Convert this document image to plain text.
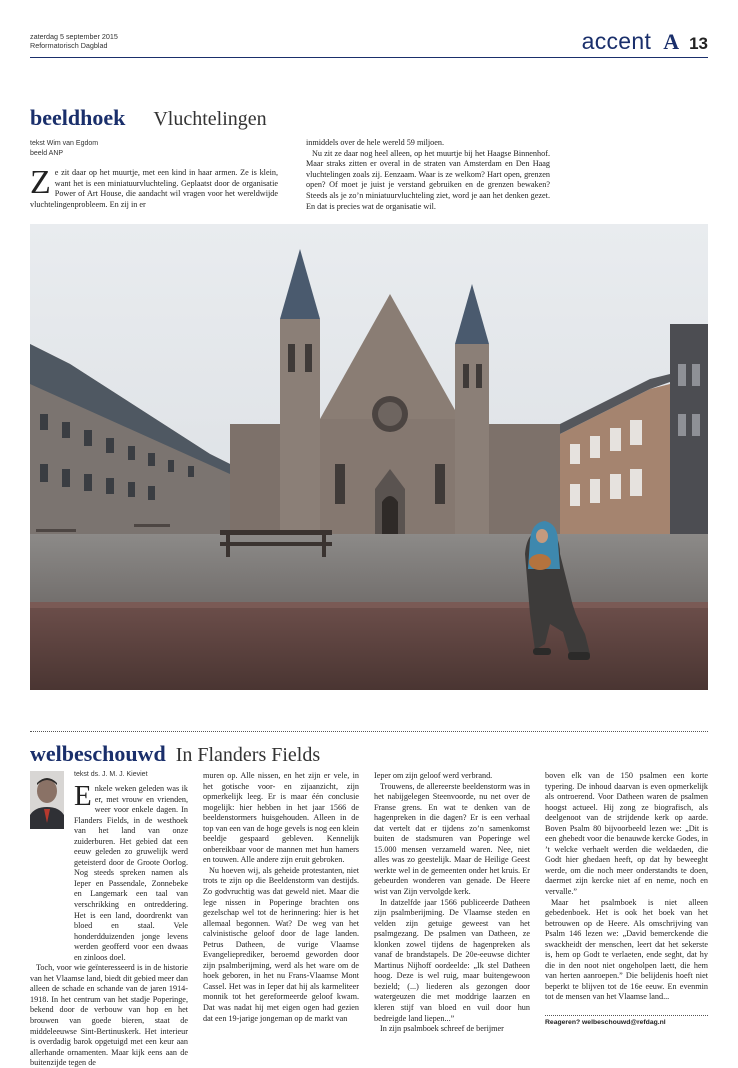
zaterdag 5 september 2015
Reformatorisch Dagblad	accent A 13
beeldhoek Vluchtelingen
tekst Wim van Egdom
beeld ANP
Z e zit daar op het muurtje, met een kind in haar armen. Ze is klein, want het is een miniatuurvluchteling. Geplaatst door de organisatie Power of Art House, die aandacht wil vragen voor het wereldwijde vluchtelingenprobleem. En zij in er

inmiddels over de hele wereld 59 miljoen.

Nu zit ze daar nog heel alleen, op het muurtje bij het Haagse Binnenhof. Maar straks zitten er overal in de straten van Amsterdam en Den Haag vluchtelingen zoals zij. Eenzaam. Waar is ze welkom? Hart open, grenzen open? Of moet je juist je verstand gebruiken en de grenzen bewaken? Steeds als je zo’n miniatuurvluchteling ziet, word je aan het denken gezet. En dat is precies wat de organisatie wil.

welbeschouwd In Flanders Fields
tekst ds. J. M. J. Kieviet

Enkele weken geleden was ik er, met vrouw en vrienden, weer voor enkele dagen. In Flanders Fields, in de westhoek van het land van onze zuiderburen. Het gebied dat een eeuw geleden zo gruwelijk werd geteisterd door de Groote Oorlog. Nog steeds spreken namen als Ieper en Passendale, Zonnebeke en Langemark een taal van verschrikking en ontreddering. Het is een land, doordrenkt van bloed en staal. Vele honderdduizenden jonge levens werden geofferd voor een dwaas en zinloos doel.

Toch, voor wie geïnteresseerd is in de historie van het Vlaamse land, biedt dit gebied meer dan alleen de schade en schande van de jaren 1914-1918. In het centrum van het stadje Poperinge, bekend door de verbouw van hop en het brouwen van goede bieren, staat de middeleeuwse Sint-Bertinuskerk. Het interieur is overdadig barok opgetuigd met een keur aan allerhande ornamenten. Maar kijk eens aan de buitenzijde tegen de

muren op. Alle nissen, en het zijn er vele, in het gotische voor- en zijaanzicht, zijn opmerkelijk leeg. Er is maar één conclusie mogelijk: hier hebben in het jaar 1566 de beeldenstormers huisgehouden. Alleen in de top van een van de hoge gevels is nog een klein beeldje gespaard gebleven. Kennelijk onbereikbaar voor de mannen met hun hamers en touwen. Alle andere zijn eruit gebroken.

Nu hoeven wij, als geheide protestanten, niet trots te zijn op die Beeldenstorm van destijds. Zo godvruchtig was dat geweld niet. Maar die lege nissen in Poperinge brachten ons gezelschap wel tot de herinnering: hier is het allemaal begonnen. Wat? De weg van het calvinistische geloof door de lage landen. Petrus Datheen, de vurige Vlaamse Evangelieprediker, beroemd geworden door zijn psalmberijming, werd als het ware om de hoek geboren, in het nu Frans-Vlaamse Mont Cassel. Het was in Ieper dat hij als karmeliteer monnik tot het gereformeerde geloof kwam. Dat was nadat hij met eigen ogen had gezien dat een 19-jarige jongeman op de markt van

Ieper om zijn geloof werd verbrand.

Trouwens, de allereerste beeldenstorm was in het nabijgelegen Steenvoorde, nu net over de Franse grens. En wat te denken van de hagenpreken in die dagen? Er is een verhaal dat vertelt dat er tijdens zo’n samenkomst buiten de stadsmuren van Poperinge wel 15.000 mensen verzameld waren. Nee, niet alles was zo geestelijk. Maar de Heilige Geest werkte wel in de gemeenten onder het kruis. Er gebeurden wonderen van genade. De Heere wist van Zijn vervolgde kerk.

In datzelfde jaar 1566 publiceerde Datheen zijn psalmberijming. De Vlaamse steden en velden zijn getuige geweest van het psalmgezang. De psalmen van Datheen, ze klonken zowel tijdens de hagenpreken als vanaf de brandstapels. De 20e-eeuwse dichter Martinus Nijhoff oordeelde: „Ik stel Datheen hoog. Deze is wel ruig, maar buitengewoon bezield; (...) liederen als gezongen door watergeuzen die met moddrige laarzen en kleren stijf van bloed en vuil door hun bedreigde land liepen...”

In zijn psalmboek schreef de berijmer

boven elk van de 150 psalmen een korte typering. De inhoud daarvan is even opmerkelijk als ontroerend. Voor Datheen waren de psalmen hoogst actueel. Hij zong ze biografisch, als deelgenoot van de strijdende kerk op aarde. Boven Psalm 80 bijvoorbeeld lezen we: „Dit is een ghebedt voor die benauwde kercke Godes, in ’t welcke verhaelt werden die weldaeden, die Godt hier ghedaen heeft, op dat hy beweeght werde, om die noch meer onderstandts te doen, daermet zijn kercke niet af en neme, noch en vervalle.”

Maar het psalmboek is niet alleen gebedenboek. Het is ook het boek van het betrouwen op de Heere. Als omschrijving van Psalm 146 lezen we: „David bemerckende die swackheidt der menschen, leert dat het sekerste is, hem op Godt te verlaeten, ende seght, dat hy die in den noot niet ongeholpen laett, die hem van herten aanroepen.” Die belijdenis hoeft niet beperkt te blijven tot de 16e eeuw. En evenmin tot de mensen van het Vlaamse land...

Reageren? welbeschouwd@refdag.nl
